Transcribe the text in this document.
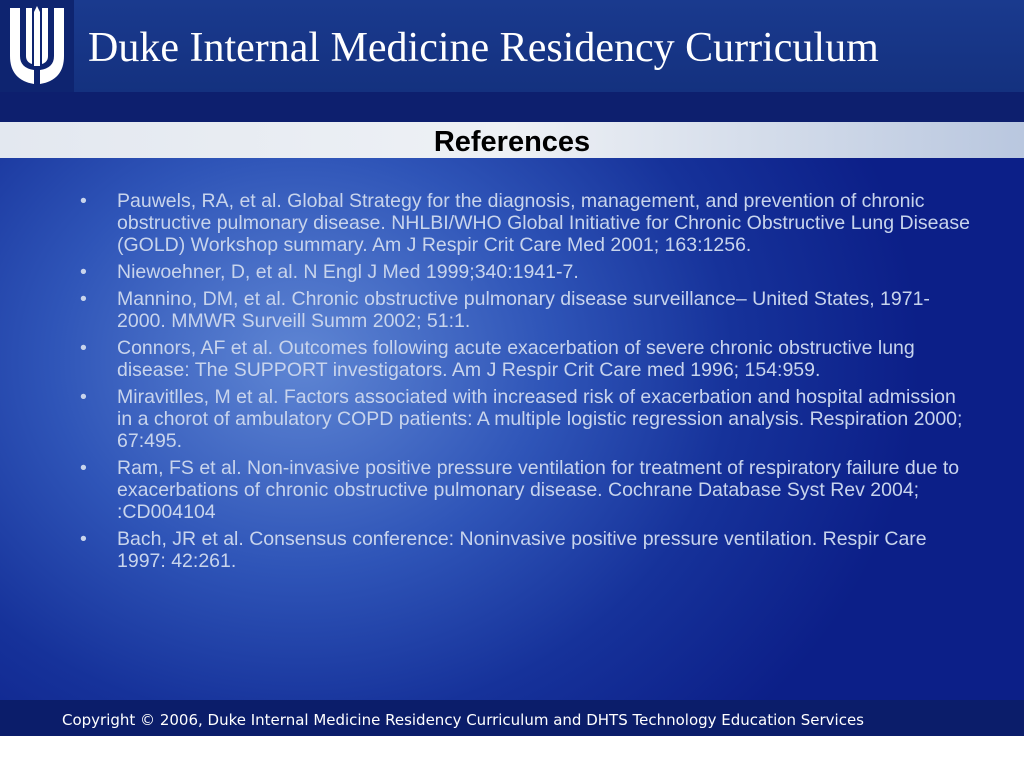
Duke Internal Medicine Residency Curriculum
References
• Pauwels, RA, et al. Global Strategy for the diagnosis, management, and prevention of chronic obstructive pulmonary disease. NHLBI/WHO Global Initiative for Chronic Obstructive Lung Disease (GOLD) Workshop summary. Am J Respir Crit Care Med 2001; 163:1256.
• Niewoehner, D, et al. N Engl J Med 1999;340:1941-7.
• Mannino, DM, et al. Chronic obstructive pulmonary disease surveillance– United States, 1971-2000. MMWR Surveill Summ 2002; 51:1.
• Connors, AF et al. Outcomes following acute exacerbation of severe chronic obstructive lung disease: The SUPPORT investigators. Am J Respir Crit Care med 1996; 154:959.
• Miravitlles, M et al. Factors associated with increased risk of exacerbation and hospital admission in a chorot of ambulatory COPD patients: A multiple logistic regression analysis. Respiration 2000; 67:495.
• Ram, FS et al. Non-invasive positive pressure ventilation for treatment of respiratory failure due to exacerbations of chronic obstructive pulmonary disease. Cochrane Database Syst Rev 2004; :CD004104
• Bach, JR et al. Consensus conference: Noninvasive positive pressure ventilation. Respir Care 1997: 42:261.
Copyright © 2006, Duke Internal Medicine Residency Curriculum and DHTS Technology Education Services
